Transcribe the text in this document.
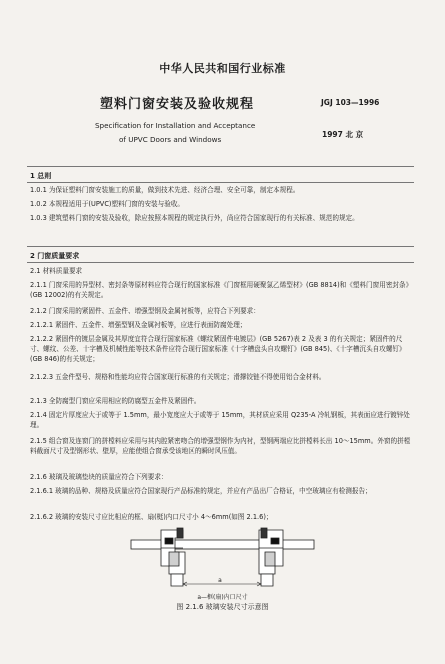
中华人民共和国行业标准
塑料门窗安装及验收规程	JGJ 103—1996
Specification for Installation and Acceptance
of UPVC Doors and Windows
1997 北 京
1 总则
1.0.1 为保证塑料门窗安装施工的质量，做到技术先进、经济合理、安全可靠，制定本规程。
1.0.2 本规程适用于(UPVC)塑料门窗的安装与验收。
1.0.3 建筑塑料门窗的安装及验收，除应按照本规程的规定执行外，尚应符合国家现行的有关标准、规范的规定。
2 门窗质量要求
2.1 材料质量要求
2.1.1 门窗采用的异型材、密封条等原材料应符合现行的国家标准《门窗框用硬聚氯乙烯型材》(GB 8814)和《塑料门窗用密封条》(GB 12002)的有关规定。
2.1.2 门窗采用的紧固件、五金件、增强型钢及金属衬板等，应符合下列要求：
2.1.2.1 紧固件、五金件、增强型钢及金属衬板等，应进行表面防腐处理；
2.1.2.2 紧固件的镀层金属及其厚度宜符合现行国家标准《螺纹紧固件电镀层》(GB 5267)表 2 及表 3 的有关规定；紧固件的尺寸、螺纹、公差、十字槽及机械性能等技术条件应符合现行国家标准《十字槽盘头自攻螺钉》(GB 845)、《十字槽沉头自攻螺钉》(GB 846)的有关规定；
2.1.2.3 五金件型号、规格和性能均应符合国家现行标准的有关规定；滑撑铰链不得使用铝合金材料。
2.1.3 全防腐型门窗应采用相应的防腐型五金件及紧固件。
2.1.4 固定片厚度应大于或等于 1.5mm，最小宽度应大于或等于 15mm，其材质应采用 Q235-A 冷轧钢板，其表面应进行镀锌处理。
2.1.5 组合窗及连窗门的拼樘料应采用与其内腔紧密吻合的增强型钢作为内衬，型钢两端应比拼樘料长出 10～15mm。外窗的拼樘料截面尺寸及型钢形状、壁厚，应能使组合窗承受该地区的瞬时风压值。
2.1.6 玻璃及玻璃垫块的质量应符合下列要求：
2.1.6.1 玻璃的品种、规格及质量应符合国家现行产品标准的规定，并应有产品出厂合格证，中空玻璃应有检测报告；
2.1.6.2 玻璃的安装尺寸应比相应的框、扇(梃)内口尺寸小 4～6mm(如图 2.1.6)；
a
a—框(扇)内口尺寸
图 2.1.6 玻璃安装尺寸示意图
